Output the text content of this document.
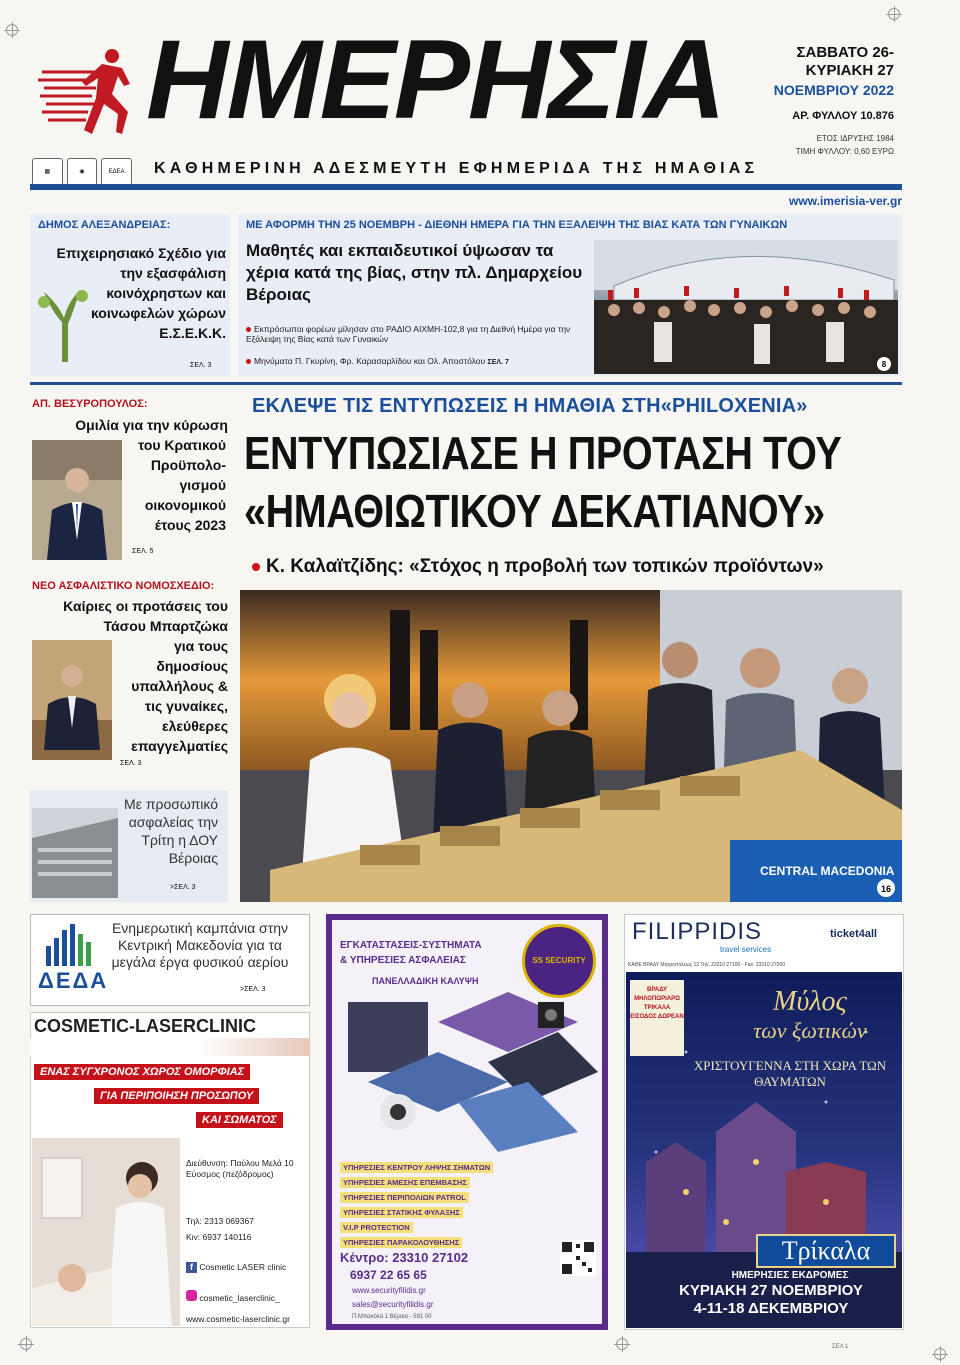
ΗΜΕΡΗΣΙΑ	ΣΑΒΒΑΤΟ 26-
ΚΥΡΙΑΚΗ 27
ΝΟΕΜΒΡΙΟΥ 2022
ΑΡ. ΦΥΛΛΟΥ 10.876
ΕΤΟΣ ΙΔΡΥΣΗΣ 1984
ΤΙΜΗ ΦΥΛΛΟΥ: 0,60 ΕΥΡΩ
▦	◉	ΕΔΕΑ	ΚΑΘΗΜΕΡΙΝΗ ΑΔΕΣΜΕΥΤΗ ΕΦΗΜΕΡΙΔΑ ΤΗΣ ΗΜΑΘΙΑΣ
www.imerisia-ver.gr
ΔΗΜΟΣ ΑΛΕΞΑΝΔΡΕΙΑΣ:
Επιχειρησιακό Σχέδιο για την εξασφάλιση κοινόχρηστων και κοινωφελών χώρων Ε.Σ.Ε.Κ.Κ.
ΣΕΛ. 3
ΜΕ ΑΦΟΡΜΗ ΤΗΝ 25 ΝΟΕΜΒΡΗ - ΔΙΕΘΝΗ ΗΜΕΡΑ ΓΙΑ ΤΗΝ ΕΞΑΛΕΙΨΗ ΤΗΣ ΒΙΑΣ ΚΑΤΑ ΤΩΝ ΓΥΝΑΙΚΩΝ
Μαθητές και εκπαιδευτικοί ύψωσαν τα χέρια κατά της βίας, στην πλ. Δημαρχείου Βέροιας
Εκπρόσωποι φορέων μίλησαν στο ΡΑΔΙΟ ΑΙΧΜΗ-102,8 για τη Διεθνή Ημέρα για την Εξάλειψη της Βίας κατά των Γυναικών
Μηνύματα Π. Γκυρίνη, Φρ. Καρασαρλίδου και Ολ. Αποστόλου ΣΕΛ. 7	8
ΑΠ. ΒΕΣΥΡΟΠΟΥΛΟΣ:
Ομιλία για την κύρωση
του Κρατικού Προϋπολο-γισμού οικονομικού έτους 2023
ΣΕΛ. 5
ΝΕΟ ΑΣΦΑΛΙΣΤΙΚΟ ΝΟΜΟΣΧΕΔΙΟ:
Καίριες οι προτάσεις του Τάσου Μπαρτζώκα
για τους δημοσίους υπαλλήλους & τις γυναίκες, ελεύθερες επαγγελματίες
ΣΕΛ. 3
Με προσωπικό ασφαλείας την Τρίτη η ΔΟΥ Βέροιας
>ΣΕΛ. 3
ΕΚΛΕΨΕ ΤΙΣ ΕΝΤΥΠΩΣΕΙΣ Η ΗΜΑΘΙΑ ΣΤΗ«PHILOXENIA»
ΕΝΤΥΠΩΣΙΑΣΕ Η ΠΡΟΤΑΣΗ ΤΟΥ
«ΗΜΑΘΙΩΤΙΚΟΥ ΔΕΚΑΤΙΑΝΟΥ»
Κ. Καλαϊτζίδης: «Στόχος η προβολή των τοπικών προϊόντων»
CENTRAL MACEDONIA
16
Ενημερωτική καμπάνια στην Κεντρική Μακεδονία για τα μεγάλα έργα φυσικού αερίου
ΔΕΔΑ	>ΣΕΛ. 3
COSMETIC-LASERCLINIC
ΕΝΑΣ ΣΥΓΧΡΟΝΟΣ ΧΩΡΟΣ ΟΜΟΡΦΙΑΣ
ΓΙΑ ΠΕΡΙΠΟΙΗΣΗ ΠΡΟΣΩΠΟΥ
ΚΑΙ ΣΩΜΑΤΟΣ
Διεύθυνση: Παύλου Μελά 10 Εύοσμος (πεζόδρομος)
Τηλ: 2313 069367
Κιν: 6937 140116
f Cosmetic LASER clinic
cosmetic_laserclinic_
www.cosmetic-laserclinic.gr
ΕΓΚΑΤΑΣΤΑΣΕΙΣ-ΣΥΣΤΗΜΑΤΑ
& ΥΠΗΡΕΣΙΕΣ ΑΣΦΑΛΕΙΑΣ
ΠΑΝΕΛΛΑΔΙΚΗ ΚΑΛΥΨΗ
SS SECURITY
ΥΠΗΡΕΣΙΕΣ ΚΕΝΤΡΟΥ ΛΗΨΗΣ ΣΗΜΑΤΩΝ
ΥΠΗΡΕΣΙΕΣ ΑΜΕΣΗΣ ΕΠΕΜΒΑΣΗΣ
ΥΠΗΡΕΣΙΕΣ ΠΕΡΙΠΟΛΙΩΝ PATROL
ΥΠΗΡΕΣΙΕΣ ΣΤΑΤΙΚΗΣ ΦΥΛΑΞΗΣ
V.I.P PROTECTION
ΥΠΗΡΕΣΙΕΣ ΠΑΡΑΚΟΛΟΥΘΗΣΗΣ
Κέντρο: 23310 27102
6937 22 65 65
www.securityfilidis.gr
sales@securityfilidis.gr
Π.Μπακόλα 1 Βέροια - 591 00
FILIPPIDIS
travel services
ticket4all
ΚΑΘΕ ΒΡΑΔΥ Μητροπόλεως 12 Τηλ: 23310 27100 - Fax: 23310 27000
ΒΡΑΔΥ ΜΗΛΟΠΩΡΙΑΡΩ ΤΡΙΚΑΛΑ ΕΙΣΟΔΟΣ ΔΩΡΕΑΝ	Μύλος
των ξωτικών
ΧΡΙΣΤΟΥΓΕΝΝΑ ΣΤΗ ΧΩΡΑ ΤΩΝ ΘΑΥΜΑΤΩΝ
Τρίκαλα
ΗΜΕΡΗΣΙΕΣ ΕΚΔΡΟΜΕΣ
ΚΥΡΙΑΚΗ 27 ΝΟΕΜΒΡΙΟΥ
4-11-18 ΔΕΚΕΜΒΡΙΟΥ
ΣΕΛ 1
